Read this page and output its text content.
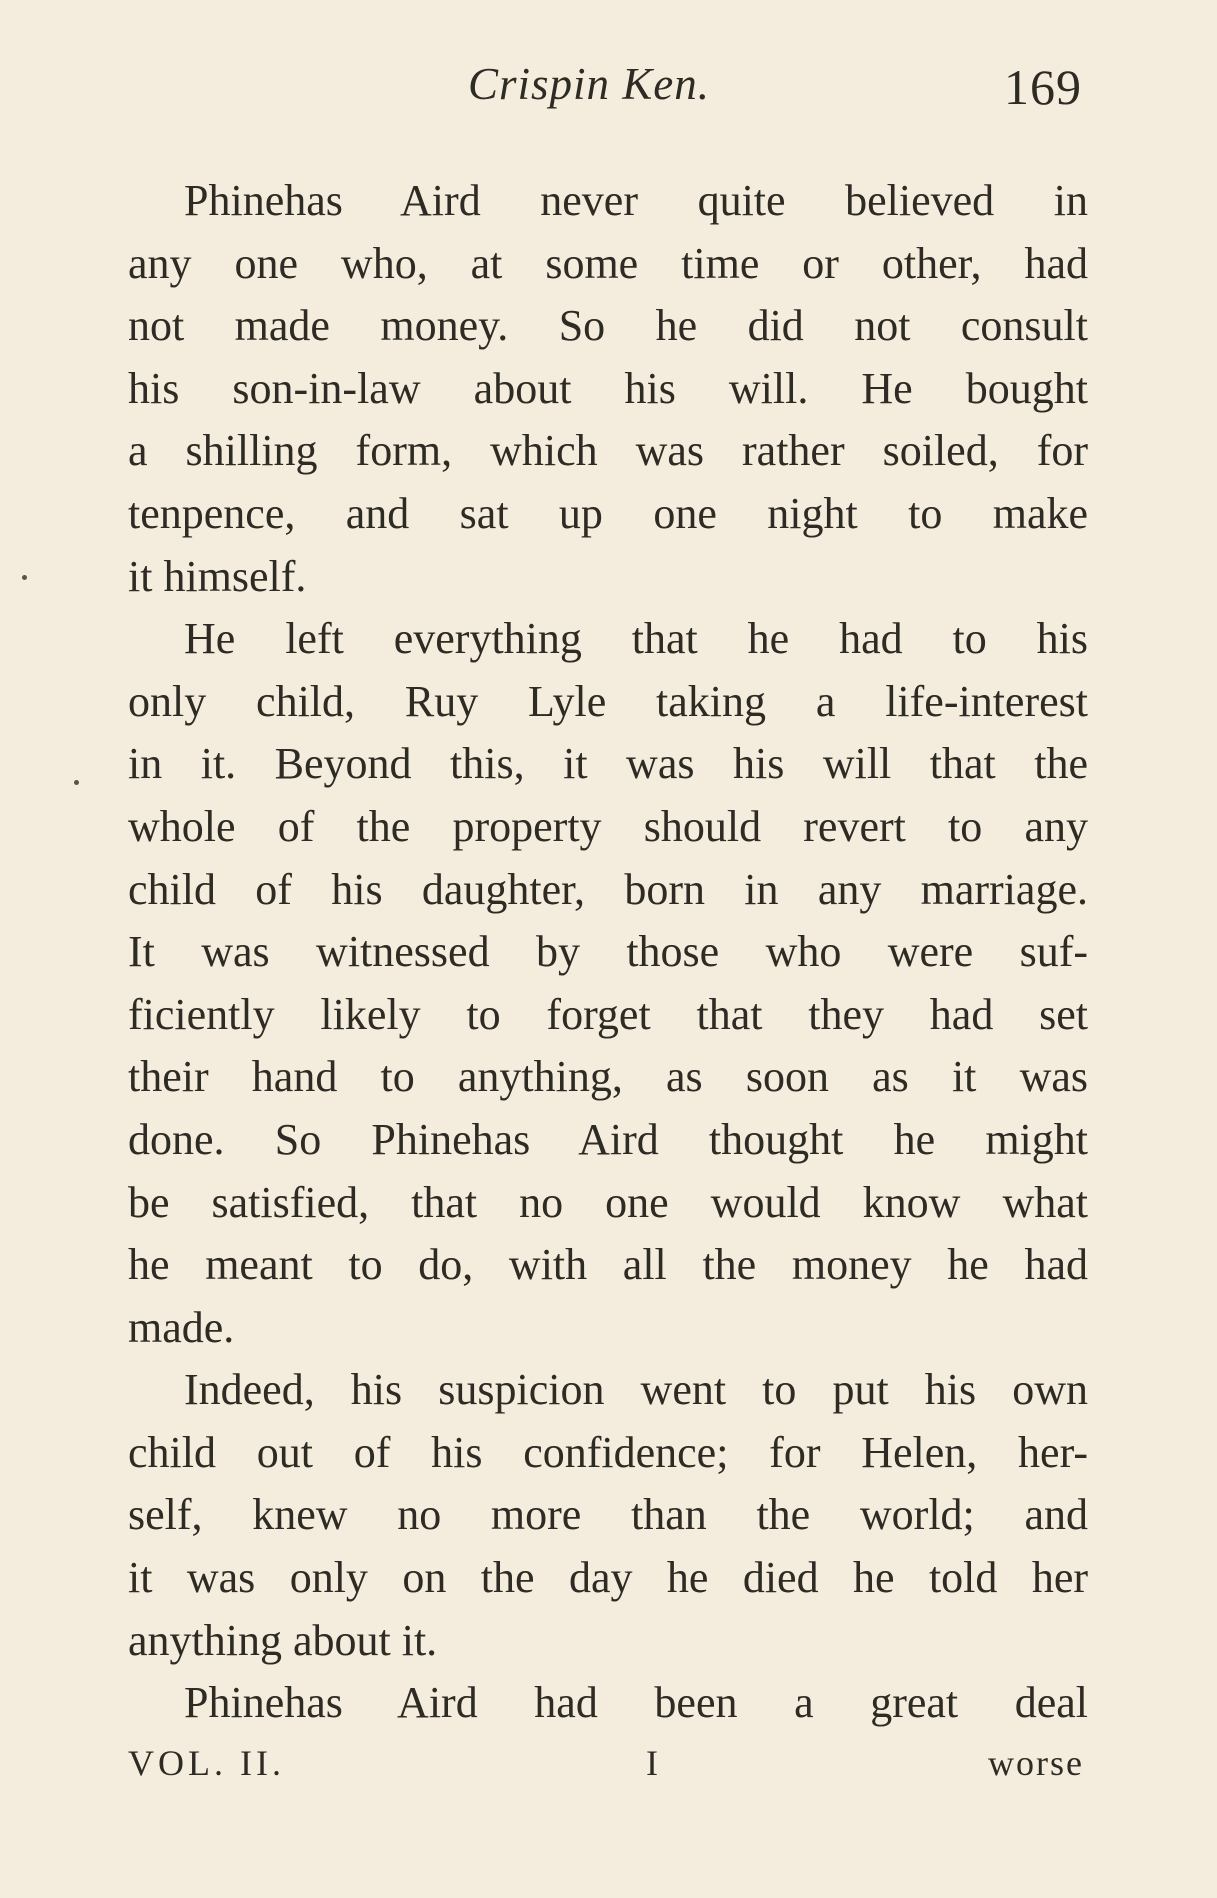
Crispin Ken.	169
Phinehas Aird never quite believed in
any one who, at some time or other, had
not made money. So he did not consult
his son-in-law about his will. He bought
a shilling form, which was rather soiled, for
tenpence, and sat up one night to make
it himself.
He left everything that he had to his
only child, Ruy Lyle taking a life-interest
in it. Beyond this, it was his will that the
whole of the property should revert to any
child of his daughter, born in any marriage.
It was witnessed by those who were suf-
ficiently likely to forget that they had set
their hand to anything, as soon as it was
done. So Phinehas Aird thought he might
be satisfied, that no one would know what
he meant to do, with all the money he had
made.
Indeed, his suspicion went to put his own
child out of his confidence; for Helen, her-
self, knew no more than the world; and
it was only on the day he died he told her
anything about it.
Phinehas Aird had been a great deal
VOL. II.	I	worse
